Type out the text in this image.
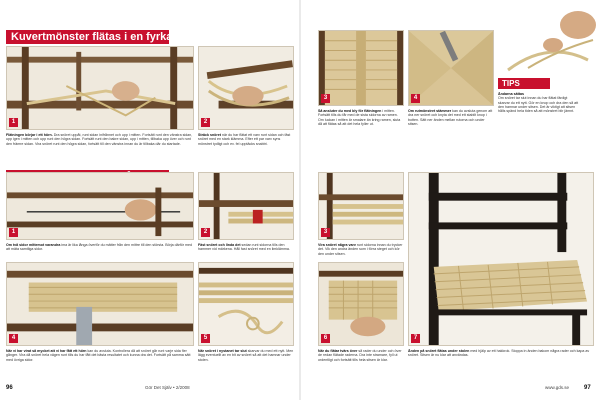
Kuvertmönster flätas i en fyrkant
1	2
Flätningen börjar i ett hörn. Dra snöret uppåt, runt sidan inifrånnet och upp i mitten. Fortsätt runt den vänstra sidan, upp igen i mitten och upp runt den högra sidan. Fortsätt runt den bakre sidan, upp i mitten, tillbaka upp över och runt den främre sidan. Vira snöret runt den högra sidan, fortsätt till den vänstra innan du är tillbaka där du startade.
Sträck snöret när du har flätat ett varv runt sidan och fäst snöret med en stark klämma. Efter ett par varv syns mönstret tydligt och ev. fel upptäcks snabbt.
1	2
Om två sidor mittemot varandra ima är lika långa överför du mätter från den mittre till den största. Börja därför med att mäta samtliga sidor.
Fäst snöret och linda det sedan runt sidorna tills den hammer vid märkena. Håll fast snöret med en limklämma.
4	5
När vi har virat så mycket att vi har fått ett hörn kan du avsluta. Kontrollera då att snöret går runt varje sida fler gånger. Vira då snöret hela vägen runt tills du har fått det bästa resultatet och kunna dra det. Fortsätt på samma sätt med övriga sidor.
När snöret i nystanet tar slut skarvar du med ett nytt. Men lägg eventuellt av en bit av snöret så att det hamnar under stolen.
96	Gör Det Själv • 2/2008
3	4
TIPS
Ändarna sättas
Om snöret tar slut innan du har flätat färdigt skarvar du ett nytt. Gör en knop och dra den så att den hamnar under sitsen. Det är viktigt att sitsen hålls spänd hela tiden så att mönstret blir jämnt.
Så ansluter du med bly för flätningen i mitten. Fortsätt tills du får med de sista sidorna av ramen. Om luckan i mitten är smalare än kring ramen, sluta då att flätas så att det hela fyller ut.
Om rutmönstret stämmer kan du avsluta genom att dra ner snöret och knyta det med ett stabilt knop i botten. Sätt ner änden mellan rutorna och under sitsen.
3
Vira snöret några varv runt sidorna innan du trycker det. Vik den andra änden som i förra steget och kör den under sitsen.
6
När du flätar tvärs över så rader du under och över de redan flätade raderna. Dra inte stramare, fyll ut ordentligt och fortsätt tills hela sitsen är klar.
7
Änden på snöret flätas under stolen med hjälp av ett hakkrok. Stoppa in änden bakom några rader och kapa av snöret. Sitsen är nu klar att användas.
www.gds.se 97
